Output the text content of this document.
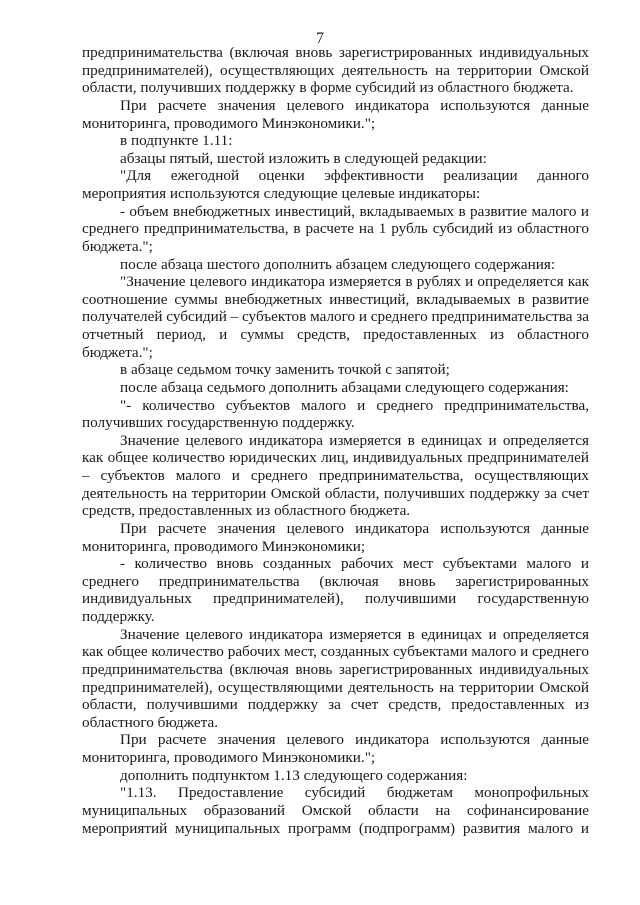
7

предпринимательства (включая вновь зарегистрированных индивидуальных предпринимателей), осуществляющих деятельность на территории Омской области, получивших поддержку в форме субсидий из областного бюджета.

При расчете значения целевого индикатора используются данные мониторинга, проводимого Минэкономики.";

в подпункте 1.11:

абзацы пятый, шестой изложить в следующей редакции:

"Для ежегодной оценки эффективности реализации данного мероприятия используются следующие целевые индикаторы:

- объем внебюджетных инвестиций, вкладываемых в развитие малого и среднего предпринимательства, в расчете на 1 рубль субсидий из областного бюджета.";

после абзаца шестого дополнить абзацем следующего содержания:

"Значение целевого индикатора измеряется в рублях и определяется как соотношение суммы внебюджетных инвестиций, вкладываемых в развитие получателей субсидий – субъектов малого и среднего предпринимательства за отчетный период, и суммы средств, предоставленных из областного бюджета.";

в абзаце седьмом точку заменить точкой с запятой;

после абзаца седьмого дополнить абзацами следующего содержания:

"- количество субъектов малого и среднего предпринимательства, получивших государственную поддержку.

Значение целевого индикатора измеряется в единицах и определяется как общее количество юридических лиц, индивидуальных предпринимателей – субъектов малого и среднего предпринимательства, осуществляющих деятельность на территории Омской области, получивших поддержку за счет средств, предоставленных из областного бюджета.

При расчете значения целевого индикатора используются данные мониторинга, проводимого Минэкономики;

- количество вновь созданных рабочих мест субъектами малого и среднего предпринимательства (включая вновь зарегистрированных индивидуальных предпринимателей), получившими государственную поддержку.

Значение целевого индикатора измеряется в единицах и определяется как общее количество рабочих мест, созданных субъектами малого и среднего предпринимательства (включая вновь зарегистрированных индивидуальных предпринимателей), осуществляющими деятельность на территории Омской области, получившими поддержку за счет средств, предоставленных из областного бюджета.

При расчете значения целевого индикатора используются данные мониторинга, проводимого Минэкономики.";

дополнить подпунктом 1.13 следующего содержания:

"1.13. Предоставление субсидий бюджетам монопрофильных муниципальных образований Омской области на софинансирование мероприятий муниципальных программ (подпрограмм) развития малого и
